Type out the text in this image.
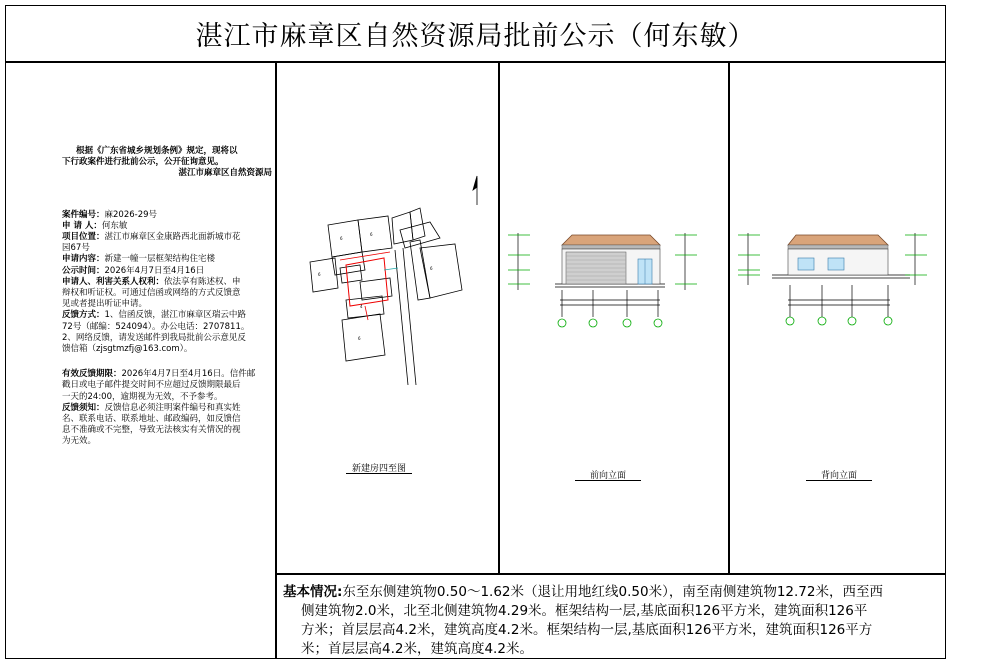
湛江市麻章区自然资源局批前公示（何东敏）

根据《广东省城乡规划条例》规定，现将以

下行政案件进行批前公示，公开征询意见。

湛江市麻章区自然资源局

案件编号：麻2026-29号

申 请 人：何东敏

项目位置：湛江市麻章区金康路西北面新城市花

园67号

申请内容：新建一幢一层框架结构住宅楼

公示时间：2026年4月7日至4月16日

申请人、利害关系人权利：依法享有陈述权、申

辩权和听证权。可通过信函或网络的方式反馈意

见或者提出听证申请。

反馈方式：1、信函反馈，湛江市麻章区瑞云中路

72号（邮编：524094）。办公电话：2707811。

2、网络反馈，请发送邮件到我局批前公示意见反

馈信箱（zjsgtmzfj@163.com）。

有效反馈期限：2026年4月7日至4月16日。信件邮

戳日或电子邮件提交时间不应超过反馈期限最后

一天的24:00，逾期视为无效，不予参考。

反馈须知：反馈信息必须注明案件编号和真实姓

名、联系电话、联系地址、邮政编码，如反馈信

息不准确或不完整，导致无法核实有关情况的视

为无效。

6
6
6
6
6
4
新建房四至图
前向立面	背向立面
基本情况:东至东侧建筑物0.50～1.62米（退让用地红线0.50米），南至南侧建筑物12.72米，西至西
侧建筑物2.0米，北至北侧建筑物4.29米。框架结构一层,基底面积126平方米，建筑面积126平
方米；首层层高4.2米，建筑高度4.2米。框架结构一层,基底面积126平方米，建筑面积126平方
米；首层层高4.2米，建筑高度4.2米。
